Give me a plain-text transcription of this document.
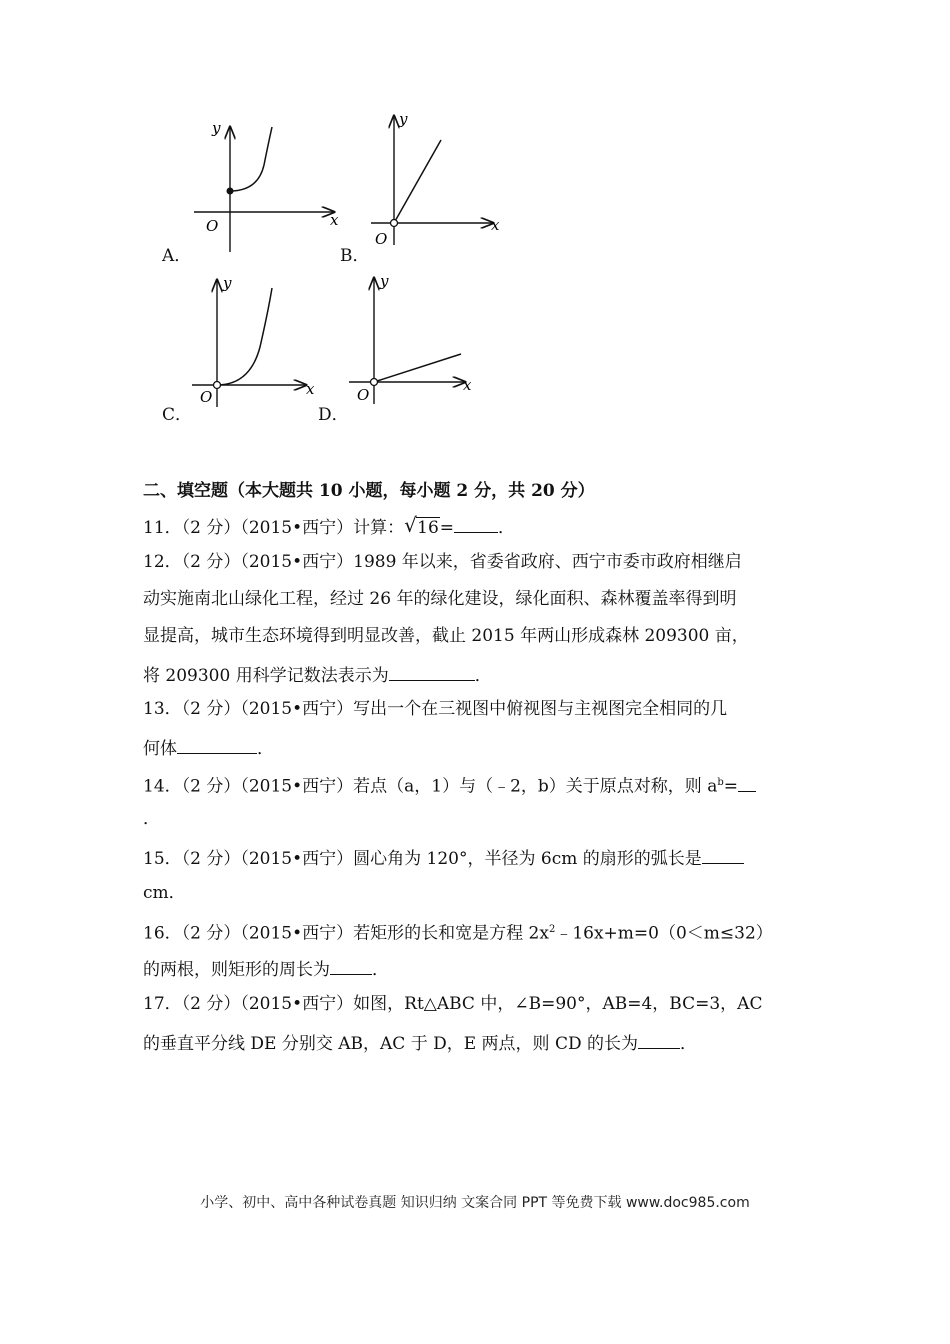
y
x
O
A．
y
x
O
B．
y
x
O
C．
y
x
O
D．
二、填空题（本大题共 10 小题，每小题 2 分，共 20 分）
11．（2 分）（2015•西宁）计算： √ 16=	．
12．（2 分）（2015•西宁）1989 年以来，省委省政府、西宁市委市政府相继启
动实施南北山绿化工程，经过 26 年的绿化建设，绿化面积、森林覆盖率得到明
显提高，城市生态环境得到明显改善，截止 2015 年两山形成森林 209300 亩，
将 209300 用科学记数法表示为	．
13．（2 分）（2015•西宁）写出一个在三视图中俯视图与主视图完全相同的几
何体	．
14．（2 分）（2015•西宁）若点（a，1）与（﹣2，b）关于原点对称，则 $a^b=$
．
15．（2 分）（2015•西宁）圆心角为 120°，半径为 6cm 的扇形的弧长是
cm．
16．（2 分）（2015•西宁）若矩形的长和宽是方程 $2x^2﹣16x+m=0(0<m\le 32)$
的两根，则矩形的周长为 ．
17．（2 分）（2015•西宁）如图，Rt△ABC 中，∠B=90°，AB=4，BC=3，AC
的垂直平分线 DE 分别交 AB，AC 于 D，E 两点，则 CD 的长为 ．
小学、初中、高中各种试卷真题 知识归纳 文案合同 PPT 等免费下载 www.doc985.com
